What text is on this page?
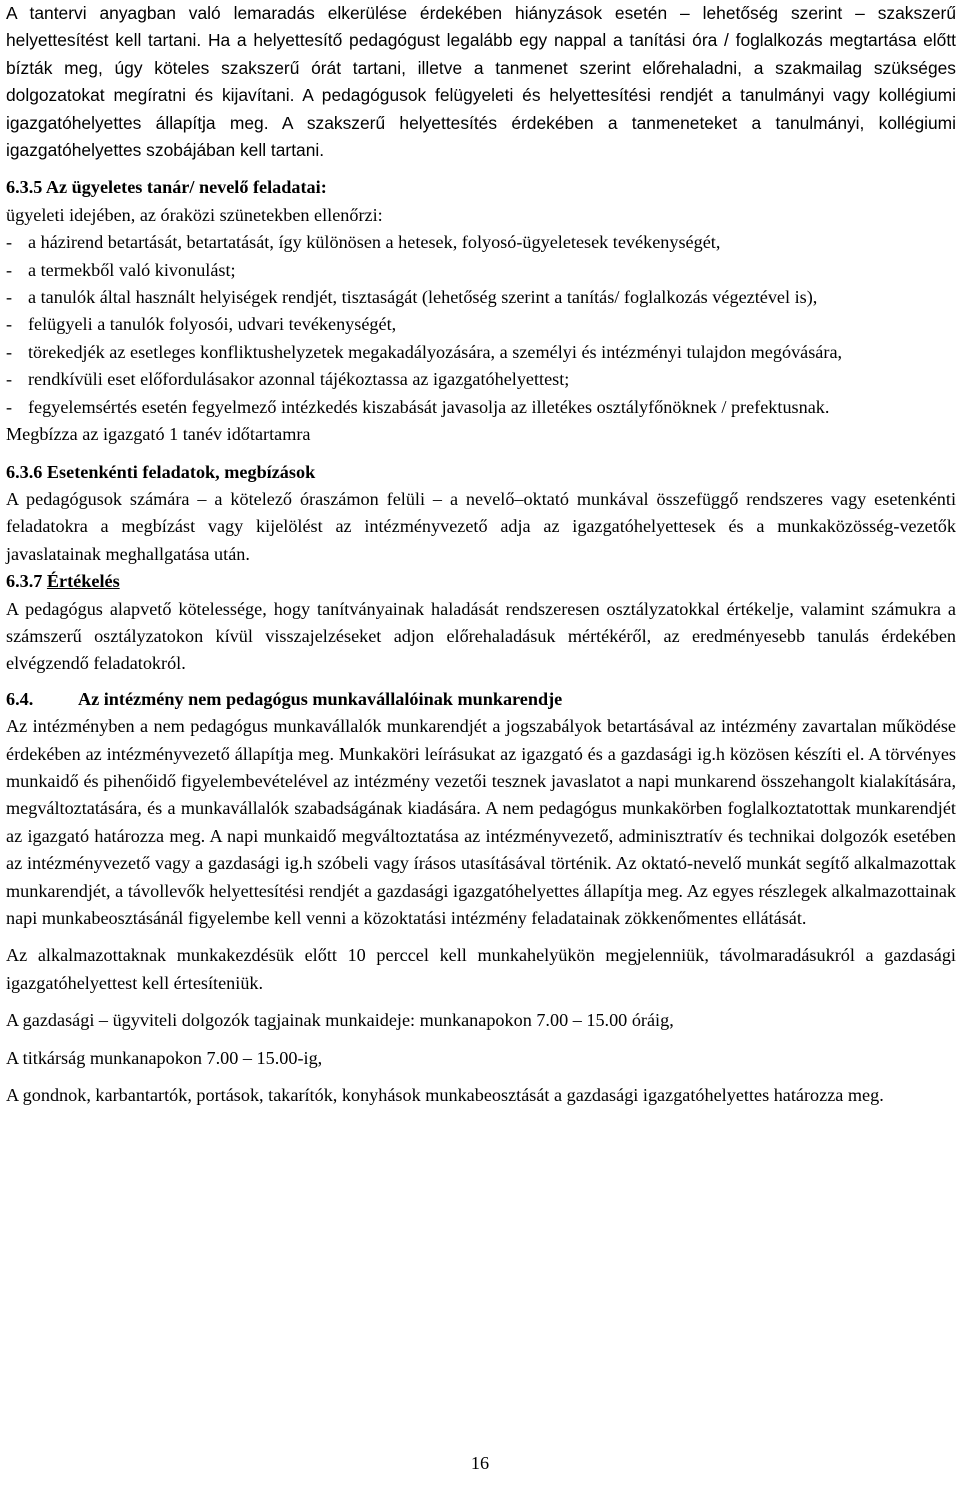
A tantervi anyagban való lemaradás elkerülése érdekében hiányzások esetén – lehetőség szerint – szakszerű helyettesítést kell tartani. Ha a helyettesítő pedagógust legalább egy nappal a tanítási óra / foglalkozás megtartása előtt bízták meg, úgy köteles szakszerű órát tartani, illetve a tanmenet szerint előrehaladni, a szakmailag szükséges dolgozatokat megíratni és kijavítani. A pedagógusok felügyeleti és helyettesítési rendjét a tanulmányi vagy kollégiumi igazgatóhelyettes állapítja meg. A szakszerű helyettesítés érdekében a tanmeneteket a tanulmányi, kollégiumi igazgatóhelyettes szobájában kell tartani.

6.3.5 Az ügyeletes tanár/ nevelő feladatai:

ügyeleti idejében, az óraközi szünetekben ellenőrzi:

- a házirend betartását, betartatását, így különösen a hetesek, folyosó-ügyeletesek tevékenységét,

- a termekből való kivonulást;

- a tanulók által használt helyiségek rendjét, tisztaságát (lehetőség szerint a tanítás/ foglalkozás végeztével is),

- felügyeli a tanulók folyosói, udvari tevékenységét,

- törekedjék az esetleges konfliktushelyzetek megakadályozására, a személyi és intézményi tulajdon megóvására,

- rendkívüli eset előfordulásakor azonnal tájékoztassa az igazgatóhelyettest;

- fegyelemsértés esetén fegyelmező intézkedés kiszabását javasolja az illetékes osztályfőnöknek / prefektusnak.

Megbízza az igazgató 1 tanév időtartamra

6.3.6 Esetenkénti feladatok, megbízások

A pedagógusok számára – a kötelező óraszámon felüli – a nevelő–oktató munkával összefüggő rendszeres vagy esetenkénti feladatokra a megbízást vagy kijelölést az intézményvezető adja az igazgatóhelyettesek és a munkaközösség-vezetők javaslatainak meghallgatása után.

6.3.7 Értékelés

A pedagógus alapvető kötelessége, hogy tanítványainak haladását rendszeresen osztályzatokkal értékelje, valamint számukra a számszerű osztályzatokon kívül visszajelzéseket adjon előrehaladásuk mértékéről, az eredményesebb tanulás érdekében elvégzendő feladatokról.

6.4. Az intézmény nem pedagógus munkavállalóinak munkarendje

Az intézményben a nem pedagógus munkavállalók munkarendjét a jogszabályok betartásával az intézmény zavartalan működése érdekében az intézményvezető állapítja meg. Munkaköri leírásukat az igazgató és a gazdasági ig.h közösen készíti el. A törvényes munkaidő és pihenőidő figyelembevételével az intézmény vezetői tesznek javaslatot a napi munkarend összehangolt kialakítására, megváltoztatására, és a munkavállalók szabadságának kiadására. A nem pedagógus munkakörben foglalkoztatottak munkarendjét az igazgató határozza meg. A napi munkaidő megváltoztatása az intézményvezető, adminisztratív és technikai dolgozók esetében az intézményvezető vagy a gazdasági ig.h szóbeli vagy írásos utasításával történik. Az oktató-nevelő munkát segítő alkalmazottak munkarendjét, a távollevők helyettesítési rendjét a gazdasági igazgatóhelyettes állapítja meg. Az egyes részlegek alkalmazottainak napi munkabeosztásánál figyelembe kell venni a közoktatási intézmény feladatainak zökkenőmentes ellátását.

Az alkalmazottaknak munkakezdésük előtt 10 perccel kell munkahelyükön megjelenniük, távolmaradásukról a gazdasági igazgatóhelyettest kell értesíteniük.

A gazdasági – ügyviteli dolgozók tagjainak munkaideje: munkanapokon 7.00 – 15.00 óráig,

A titkárság munkanapokon 7.00 – 15.00-ig,

A gondnok, karbantartók, portások, takarítók, konyhások munkabeosztását a gazdasági igazgatóhelyettes határozza meg.

16
